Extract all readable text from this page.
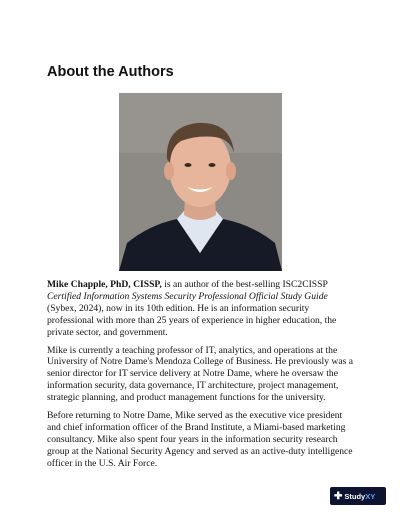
About the Authors

Mike Chapple, PhD, CISSP, is an author of the best-selling ISC2CISSP Certified Information Systems Security Professional Official Study Guide (Sybex, 2024), now in its 10th edition. He is an information security professional with more than 25 years of experience in higher education, the private sector, and government.

Mike is currently a teaching professor of IT, analytics, and operations at the University of Notre Dame's Mendoza College of Business. He previously was a senior director for IT service delivery at Notre Dame, where he oversaw the information security, data governance, IT architecture, project management, strategic planning, and product management functions for the university.

Before returning to Notre Dame, Mike served as the executive vice president and chief information officer of the Brand Institute, a Miami-based marketing consultancy. Mike also spent four years in the information security research group at the National Security Agency and served as an active-duty intelligence officer in the U.S. Air Force.

✚ Study XY
